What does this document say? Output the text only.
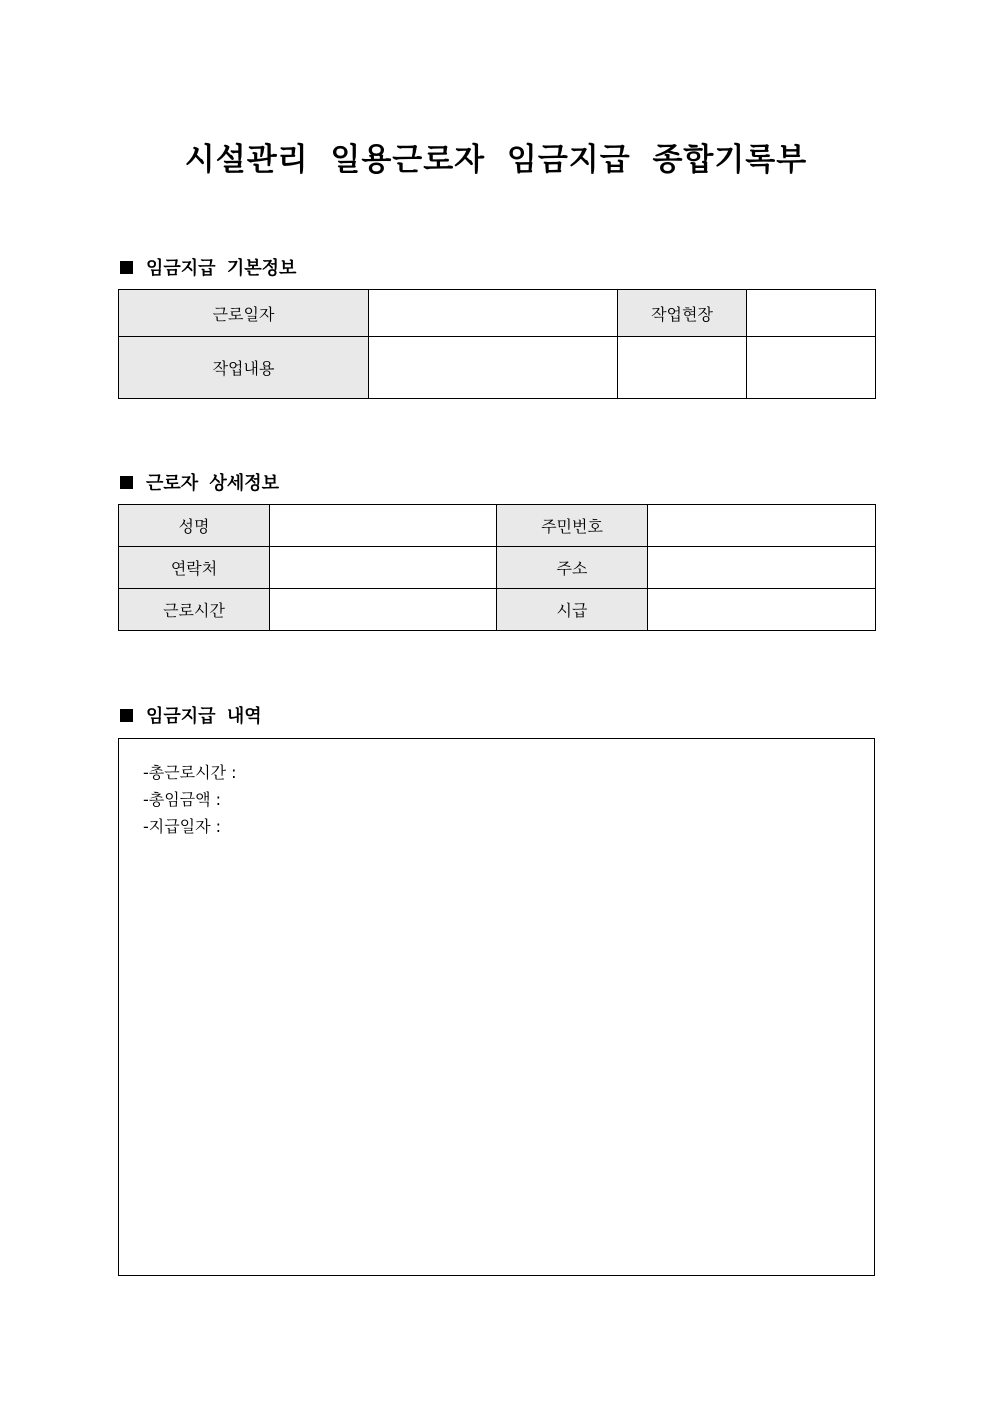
시설관리 일용근로자 임금지급 종합기록부
임금지급 기본정보
근로일자		작업현장	
작업내용			
근로자 상세정보
성명		주민번호	
연락처		주소	
근로시간		시급	
임금지급 내역
-총근로시간 :
-총임금액 :
-지급일자 :
